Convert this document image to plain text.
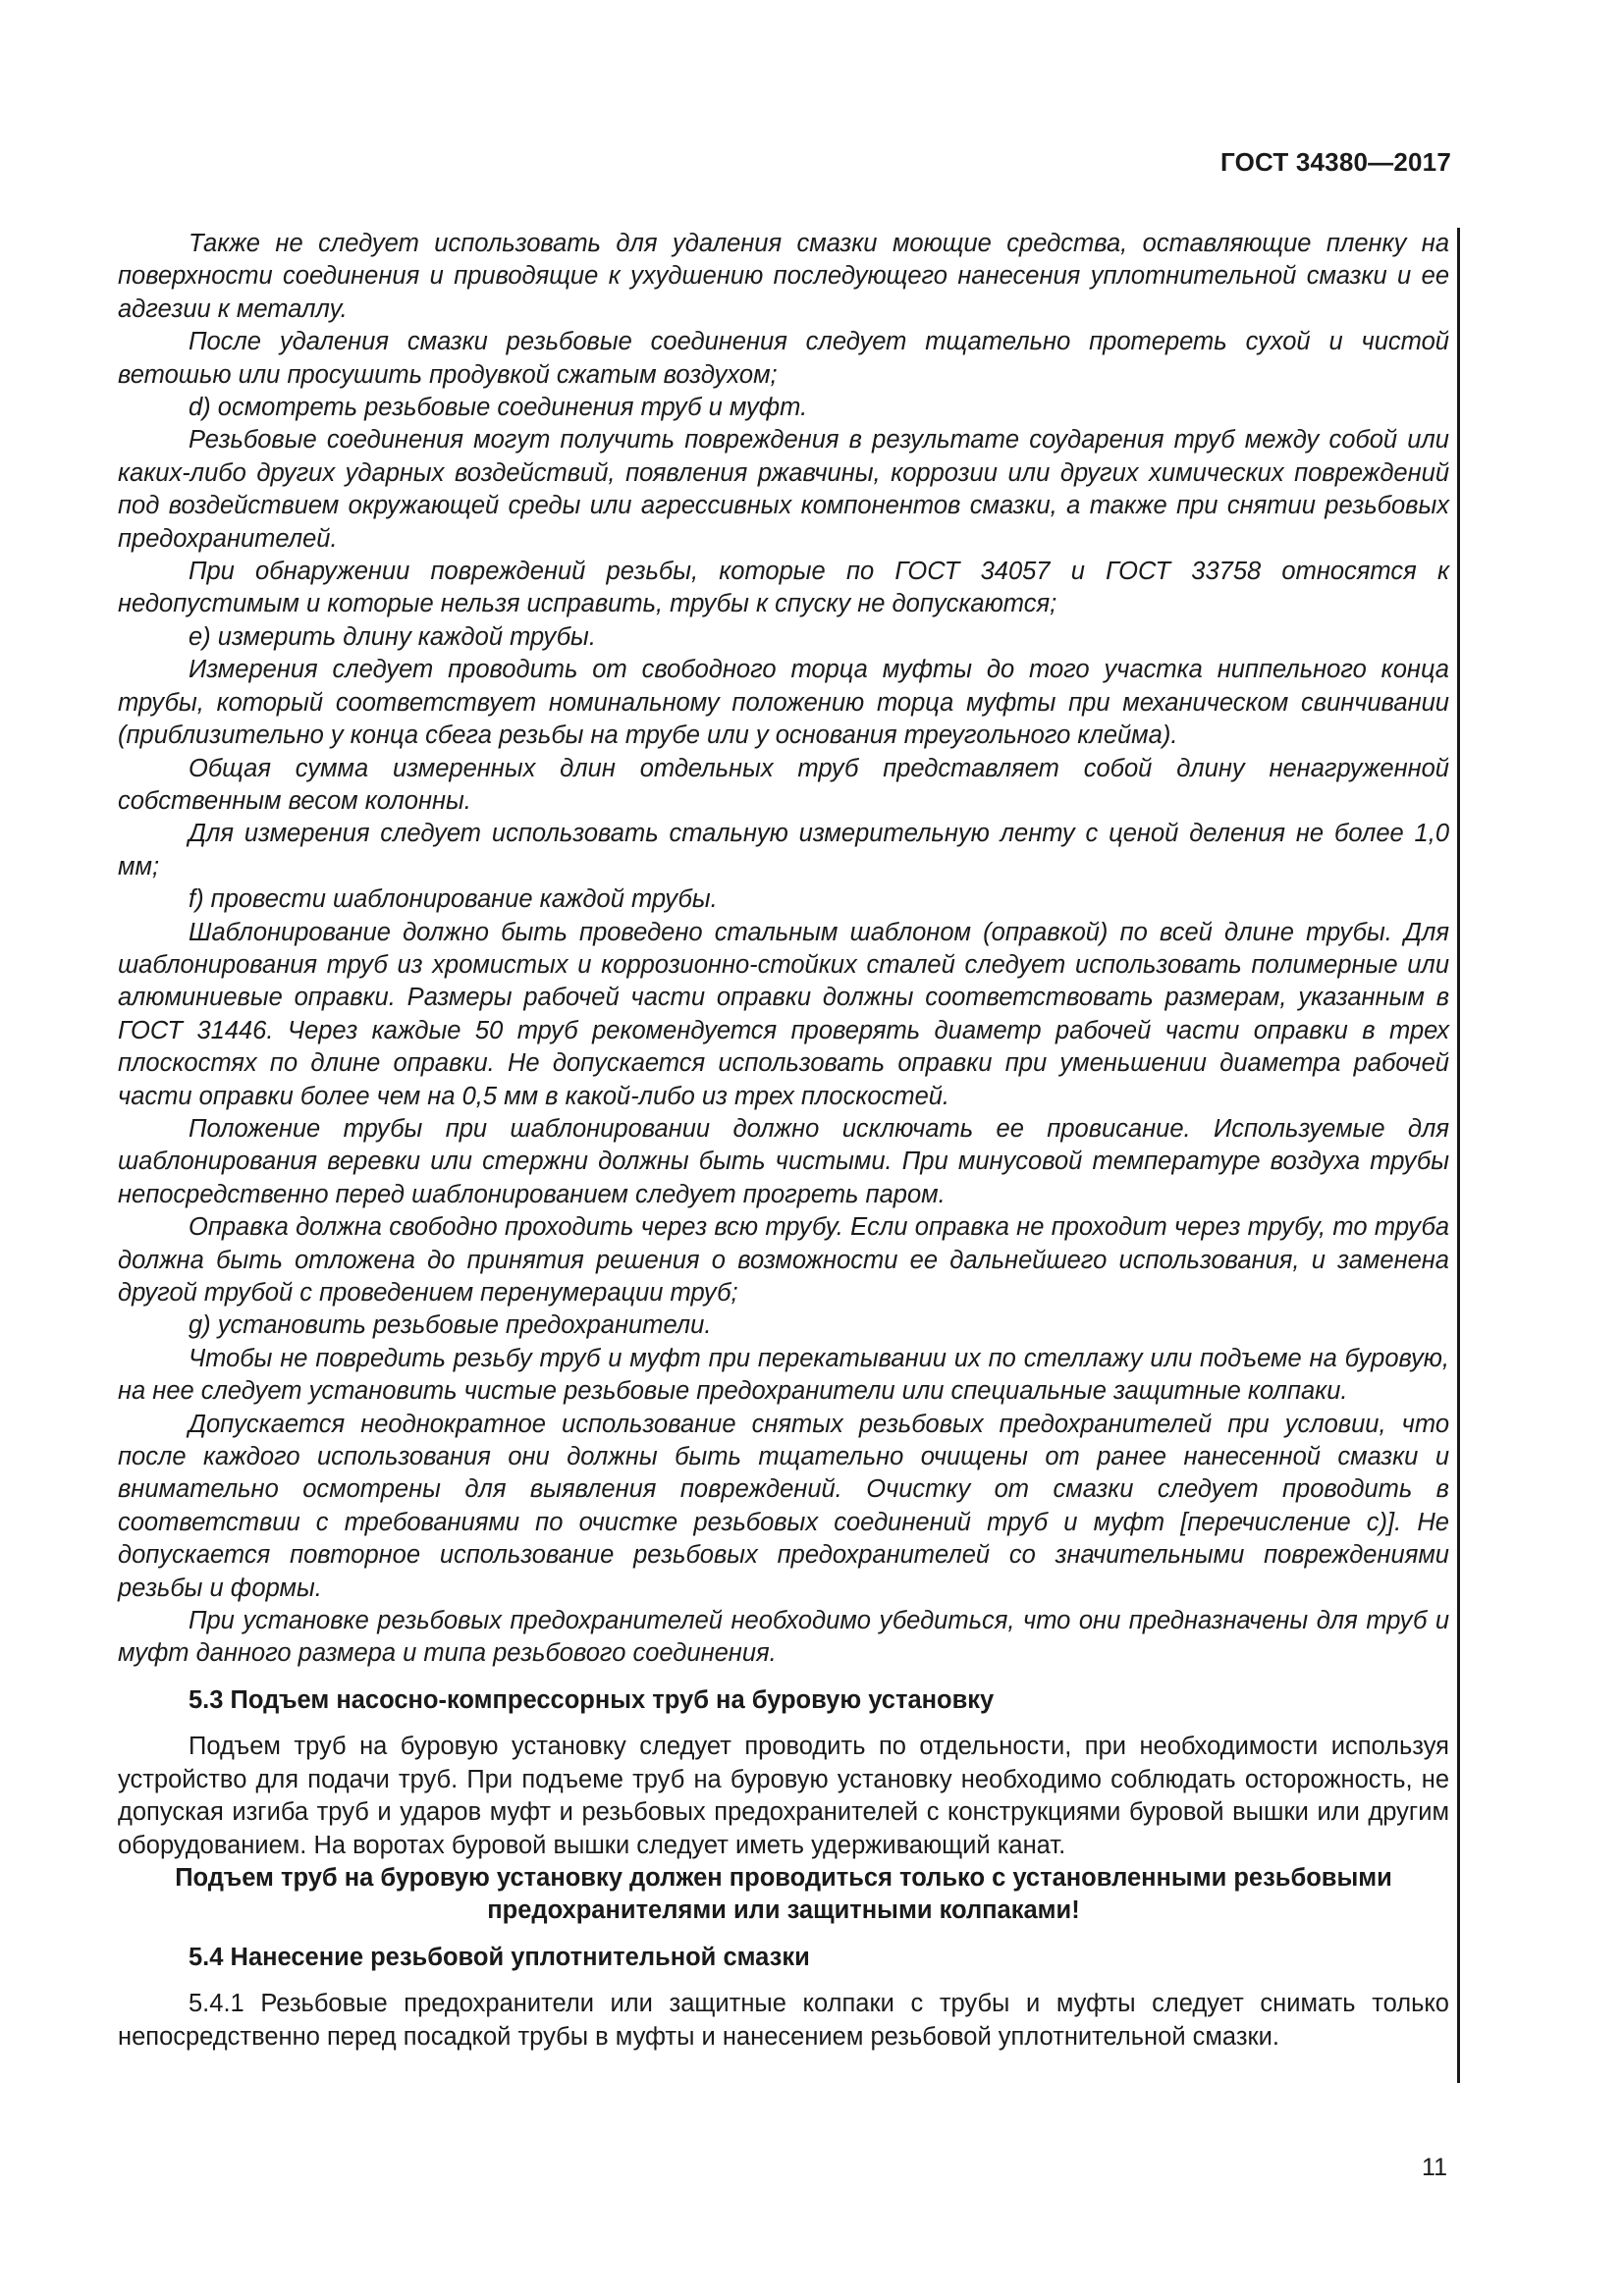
ГОСТ 34380—2017

Также не следует использовать для удаления смазки моющие средства, оставляющие пленку на поверхности соединения и приводящие к ухудшению последующего нанесения уплотнительной смазки и ее адгезии к металлу.

После удаления смазки резьбовые соединения следует тщательно протереть сухой и чистой ветошью или просушить продувкой сжатым воздухом;

d) осмотреть резьбовые соединения труб и муфт.

Резьбовые соединения могут получить повреждения в результате соударения труб между собой или каких-либо других ударных воздействий, появления ржавчины, коррозии или других химических повреждений под воздействием окружающей среды или агрессивных компонентов смазки, а также при снятии резьбовых предохранителей.

При обнаружении повреждений резьбы, которые по ГОСТ 34057 и ГОСТ 33758 относятся к недопустимым и которые нельзя исправить, трубы к спуску не допускаются;

e) измерить длину каждой трубы.

Измерения следует проводить от свободного торца муфты до того участка ниппельного конца трубы, который соответствует номинальному положению торца муфты при механическом свинчивании (приблизительно у конца сбега резьбы на трубе или у основания треугольного клейма).

Общая сумма измеренных длин отдельных труб представляет собой длину ненагруженной собственным весом колонны.

Для измерения следует использовать стальную измерительную ленту с ценой деления не более 1,0 мм;

f) провести шаблонирование каждой трубы.

Шаблонирование должно быть проведено стальным шаблоном (оправкой) по всей длине трубы. Для шаблонирования труб из хромистых и коррозионно-стойких сталей следует использовать полимерные или алюминиевые оправки. Размеры рабочей части оправки должны соответствовать размерам, указанным в ГОСТ 31446. Через каждые 50 труб рекомендуется проверять диаметр рабочей части оправки в трех плоскостях по длине оправки. Не допускается использовать оправки при уменьшении диаметра рабочей части оправки более чем на 0,5 мм в какой-либо из трех плоскостей.

Положение трубы при шаблонировании должно исключать ее провисание. Используемые для шаблонирования веревки или стержни должны быть чистыми. При минусовой температуре воздуха трубы непосредственно перед шаблонированием следует прогреть паром.

Оправка должна свободно проходить через всю трубу. Если оправка не проходит через трубу, то труба должна быть отложена до принятия решения о возможности ее дальнейшего использования, и заменена другой трубой с проведением перенумерации труб;

g) установить резьбовые предохранители.

Чтобы не повредить резьбу труб и муфт при перекатывании их по стеллажу или подъеме на буровую, на нее следует установить чистые резьбовые предохранители или специальные защитные колпаки.

Допускается неоднократное использование снятых резьбовых предохранителей при условии, что после каждого использования они должны быть тщательно очищены от ранее нанесенной смазки и внимательно осмотрены для выявления повреждений. Очистку от смазки следует проводить в соответствии с требованиями по очистке резьбовых соединений труб и муфт [перечисление с)]. Не допускается повторное использование резьбовых предохранителей со значительными повреждениями резьбы и формы.

При установке резьбовых предохранителей необходимо убедиться, что они предназначены для труб и муфт данного размера и типа резьбового соединения.

5.3 Подъем насосно-компрессорных труб на буровую установку

Подъем труб на буровую установку следует проводить по отдельности, при необходимости используя устройство для подачи труб. При подъеме труб на буровую установку необходимо соблюдать осторожность, не допуская изгиба труб и ударов муфт и резьбовых предохранителей с конструкциями буровой вышки или другим оборудованием. На воротах буровой вышки следует иметь удерживающий канат.

Подъем труб на буровую установку должен проводиться только с установленными резьбовыми предохранителями или защитными колпаками!

5.4 Нанесение резьбовой уплотнительной смазки

5.4.1 Резьбовые предохранители или защитные колпаки с трубы и муфты следует снимать только непосредственно перед посадкой трубы в муфты и нанесением резьбовой уплотнительной смазки.

11
